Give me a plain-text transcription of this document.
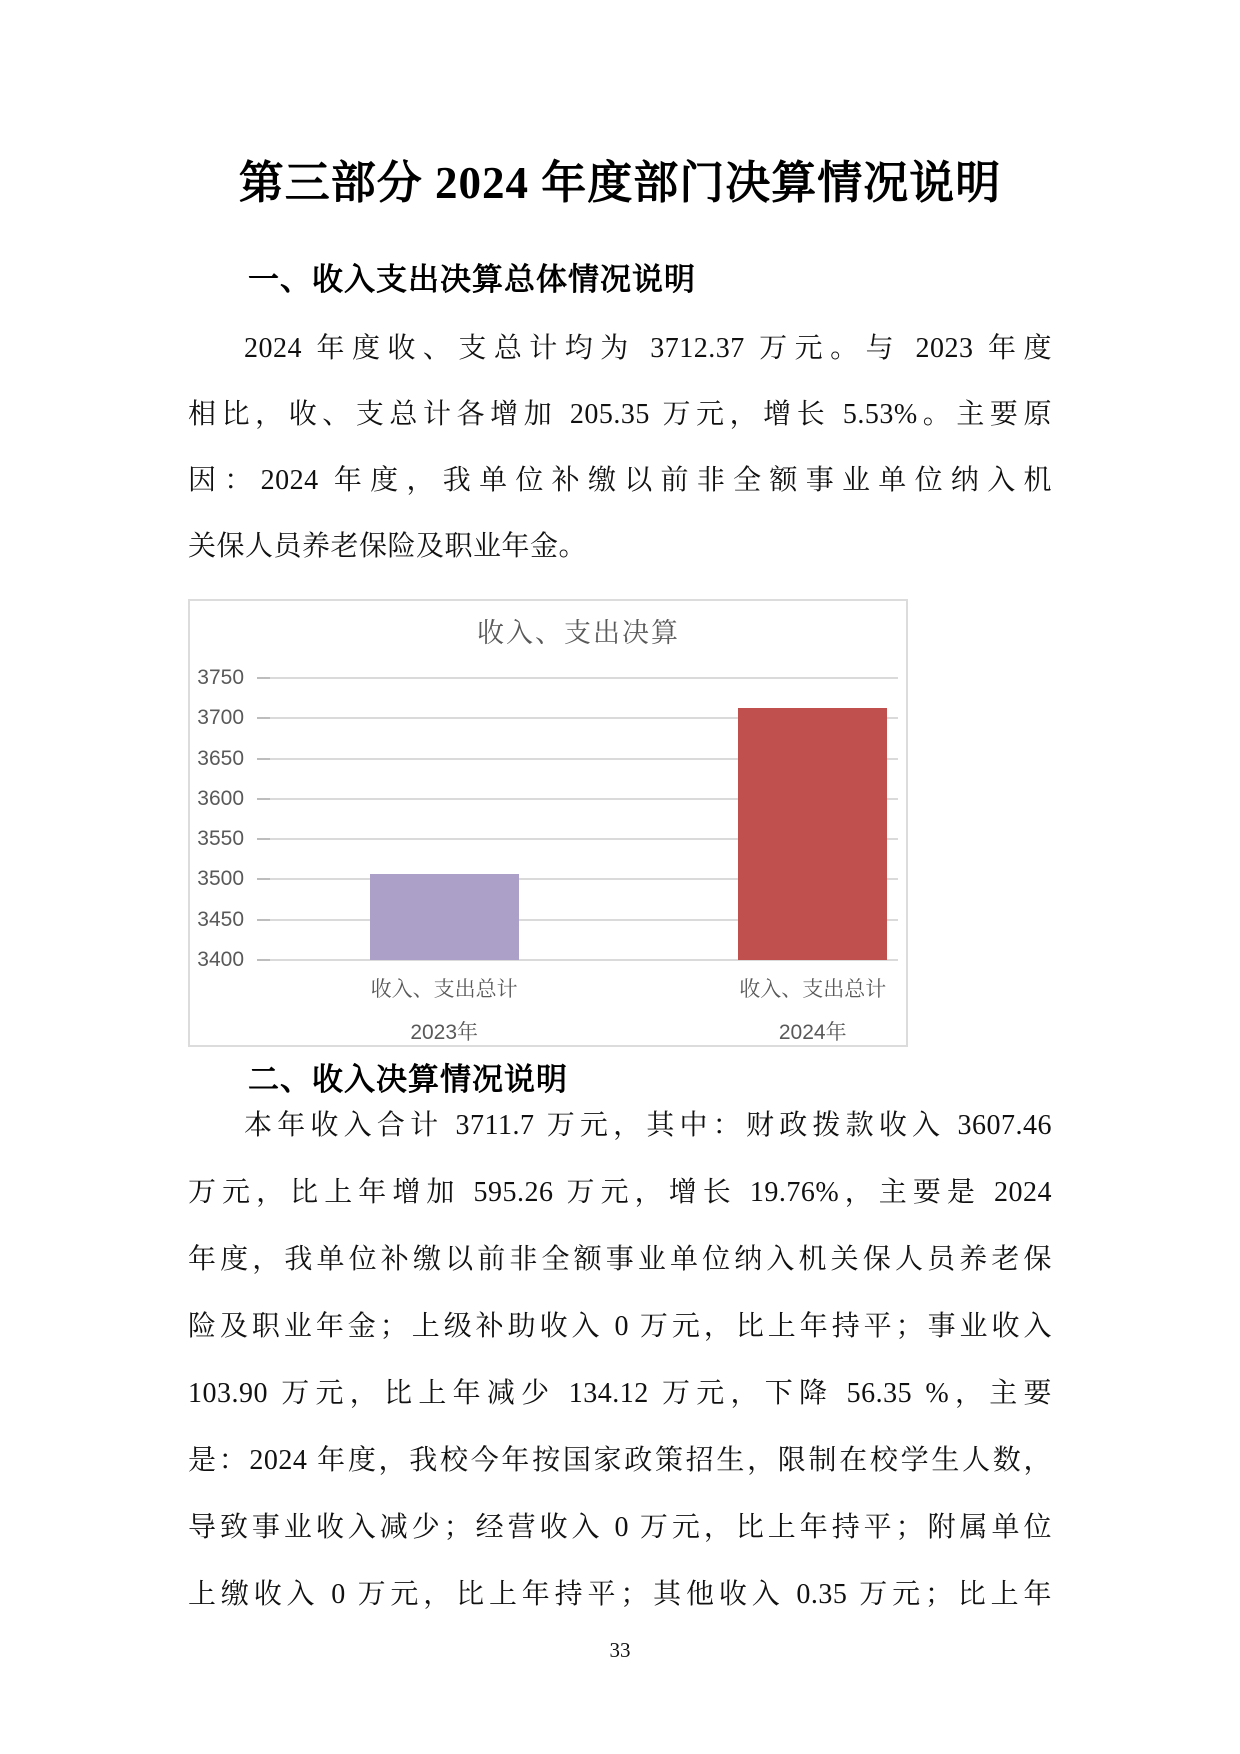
第三部分 2024 年度部门决算情况说明
一、收入支出决算总体情况说明
2024 年度收、支总计均为 3712.37 万元。与 2023 年度
相比，收、支总计各增加 205.35 万元，增长 5.53%。主要原
因：2024 年度，我单位补缴以前非全额事业单位纳入机
关保人员养老保险及职业年金。
收入、支出决算
3400
3450
3500
3550
3600
3650
3700
3750
收入、支出总计
2023年
收入、支出总计
2024年
二、收入决算情况说明
本年收入合计 3711.7 万元，其中：财政拨款收入 3607.46
万元，比上年增加 595.26 万元，增长 19.76%，主要是 2024
年度，我单位补缴以前非全额事业单位纳入机关保人员养老保
险及职业年金；上级补助收入 0 万元，比上年持平；事业收入
103.90 万元，比上年减少 134.12 万元，下降 56.35 %，主要
是：2024 年度，我校今年按国家政策招生，限制在校学生人数，
导致事业收入减少；经营收入 0 万元，比上年持平；附属单位
上缴收入 0 万元，比上年持平；其他收入 0.35 万元；比上年
33
